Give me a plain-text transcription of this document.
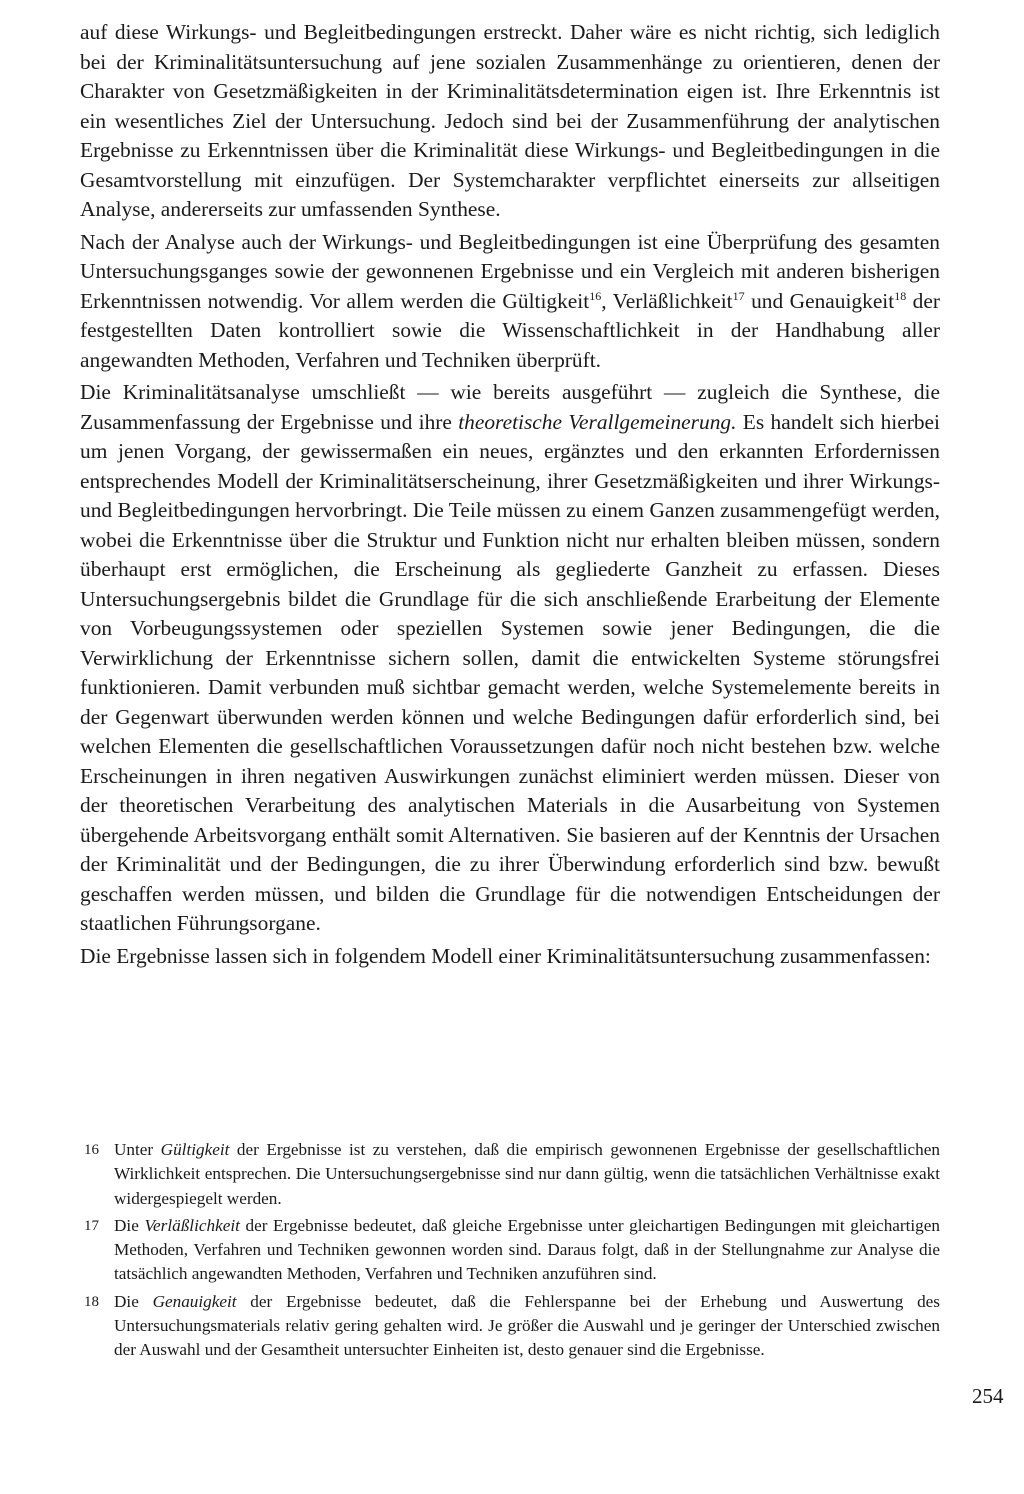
auf diese Wirkungs- und Begleitbedingungen erstreckt. Daher wäre es nicht richtig, sich lediglich bei der Kriminalitätsuntersuchung auf jene sozialen Zusammenhänge zu orientieren, denen der Charakter von Gesetzmäßigkeiten in der Kriminalitätsdetermination eigen ist. Ihre Erkenntnis ist ein wesentliches Ziel der Untersuchung. Jedoch sind bei der Zusammenführung der analytischen Ergebnisse zu Erkenntnissen über die Kriminalität diese Wirkungs- und Begleitbedingungen in die Gesamtvorstellung mit einzufügen. Der Systemcharakter verpflichtet einerseits zur allseitigen Analyse, andererseits zur umfassenden Synthese.

Nach der Analyse auch der Wirkungs- und Begleitbedingungen ist eine Überprüfung des gesamten Untersuchungsganges sowie der gewonnenen Ergebnisse und ein Vergleich mit anderen bisherigen Erkenntnissen notwendig. Vor allem werden die Gültigkeit$^{16}$, Verläßlichkeit$^{17}$ und Genauigkeit$^{18}$ der festgestellten Daten kontrolliert sowie die Wissenschaftlichkeit in der Handhabung aller angewandten Methoden, Verfahren und Techniken überprüft.

Die Kriminalitätsanalyse umschließt — wie bereits ausgeführt — zugleich die Synthese, die Zusammenfassung der Ergebnisse und ihre theoretische Verallgemeinerung. Es handelt sich hierbei um jenen Vorgang, der gewissermaßen ein neues, ergänztes und den erkannten Erfordernissen entsprechendes Modell der Kriminalitätserscheinung, ihrer Gesetzmäßigkeiten und ihrer Wirkungs- und Begleitbedingungen hervorbringt. Die Teile müssen zu einem Ganzen zusammengefügt werden, wobei die Erkenntnisse über die Struktur und Funktion nicht nur erhalten bleiben müssen, sondern überhaupt erst ermöglichen, die Erscheinung als gegliederte Ganzheit zu erfassen. Dieses Untersuchungsergebnis bildet die Grundlage für die sich anschließende Erarbeitung der Elemente von Vorbeugungssystemen oder speziellen Systemen sowie jener Bedingungen, die die Verwirklichung der Erkenntnisse sichern sollen, damit die entwickelten Systeme störungsfrei funktionieren. Damit verbunden muß sichtbar gemacht werden, welche Systemelemente bereits in der Gegenwart überwunden werden können und welche Bedingungen dafür erforderlich sind, bei welchen Elementen die gesellschaftlichen Voraussetzungen dafür noch nicht bestehen bzw. welche Erscheinungen in ihren negativen Auswirkungen zunächst eliminiert werden müssen. Dieser von der theoretischen Verarbeitung des analytischen Materials in die Ausarbeitung von Systemen übergehende Arbeitsvorgang enthält somit Alternativen. Sie basieren auf der Kenntnis der Ursachen der Kriminalität und der Bedingungen, die zu ihrer Überwindung erforderlich sind bzw. bewußt geschaffen werden müssen, und bilden die Grundlage für die notwendigen Entscheidungen der staatlichen Führungsorgane.

Die Ergebnisse lassen sich in folgendem Modell einer Kriminalitätsuntersuchung zusammenfassen:

16 Unter Gültigkeit der Ergebnisse ist zu verstehen, daß die empirisch gewonnenen Ergebnisse der gesellschaftlichen Wirklichkeit entsprechen. Die Untersuchungsergebnisse sind nur dann gültig, wenn die tatsächlichen Verhältnisse exakt widergespiegelt werden.

17 Die Verläßlichkeit der Ergebnisse bedeutet, daß gleiche Ergebnisse unter gleichartigen Bedingungen mit gleichartigen Methoden, Verfahren und Techniken gewonnen worden sind. Daraus folgt, daß in der Stellungnahme zur Analyse die tatsächlich angewandten Methoden, Verfahren und Techniken anzuführen sind.

18 Die Genauigkeit der Ergebnisse bedeutet, daß die Fehlerspanne bei der Erhebung und Auswertung des Untersuchungsmaterials relativ gering gehalten wird. Je größer die Auswahl und je geringer der Unterschied zwischen der Auswahl und der Gesamtheit untersuchter Einheiten ist, desto genauer sind die Ergebnisse.

254
